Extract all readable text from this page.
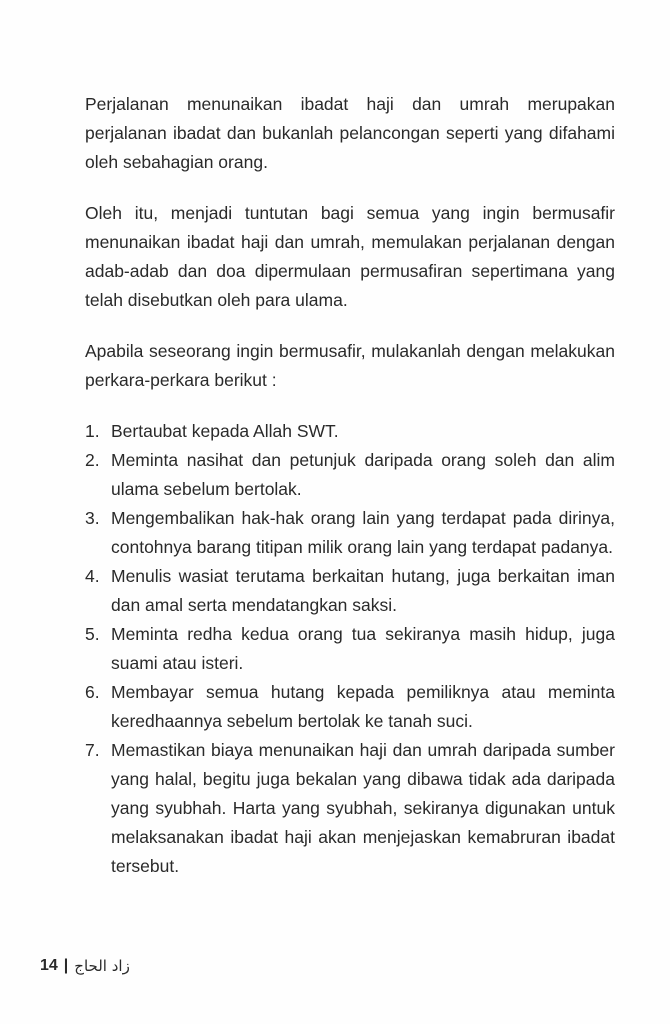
Perjalanan menunaikan ibadat haji dan umrah merupakan perjalanan ibadat dan bukanlah pelancongan seperti yang difahami oleh sebahagian orang.

Oleh itu, menjadi tuntutan bagi semua yang ingin bermusafir menunaikan ibadat haji dan umrah, memulakan perjalanan dengan adab-adab dan doa dipermulaan permusafiran sepertimana yang telah disebutkan oleh para ulama.

Apabila seseorang ingin bermusafir, mulakanlah dengan melakukan perkara-perkara berikut :

1. Bertaubat kepada Allah SWT.
2. Meminta nasihat dan petunjuk daripada orang soleh dan alim ulama sebelum bertolak.
3. Mengembalikan hak-hak orang lain yang terdapat pada dirinya, contohnya barang titipan milik orang lain yang terdapat padanya.
4. Menulis wasiat terutama berkaitan hutang, juga berkaitan iman dan amal serta mendatangkan saksi.
5. Meminta redha kedua orang tua sekiranya masih hidup, juga suami atau isteri.
6. Membayar semua hutang kepada pemiliknya atau meminta keredhaannya sebelum bertolak ke tanah suci.
7. Memastikan biaya menunaikan haji dan umrah daripada sumber yang halal, begitu juga bekalan yang dibawa tidak ada daripada yang syubhah. Harta yang syubhah, sekiranya digunakan untuk melaksanakan ibadat haji akan menjejaskan kemabruran ibadat tersebut.
14 | زاد الحاج
